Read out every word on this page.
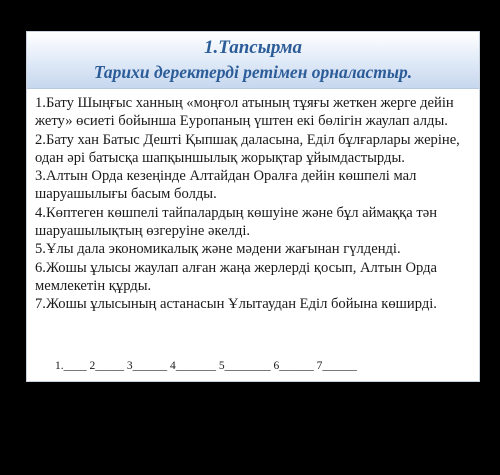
1.Тапсырма

Тарихи деректерді ретімен орналастыр.

1.Бату Шыңғыс ханның «моңғол атының тұяғы жеткен жерге дейін жету» өсиеті бойынша Еуропаның үштен екі бөлігін жаулап алды.
2.Бату хан Батыс Дешті Қыпшақ даласына, Еділ бұлғарлары жеріне, одан әрі батысқа шапқыншылық жорықтар ұйымдастырды.
3.Алтын Орда кезеңінде Алтайдан Оралға дейін көшпелі мал шаруашылығы басым болды.
4.Көптеген көшпелі тайпалардың көшуіне және бұл аймаққа тән шаруашылықтың өзгеруіне әкелді.
5.Ұлы дала экономикалық және мәдени жағынан гүлденді.
6.Жошы ұлысы жаулап алған жаңа жерлерді қосып, Алтын Орда мемлекетін құрды.
7.Жошы ұлысының астанасын Ұлытаудан Еділ бойына көширді.
1.____ 2_____ 3______ 4_______ 5________ 6______ 7______
